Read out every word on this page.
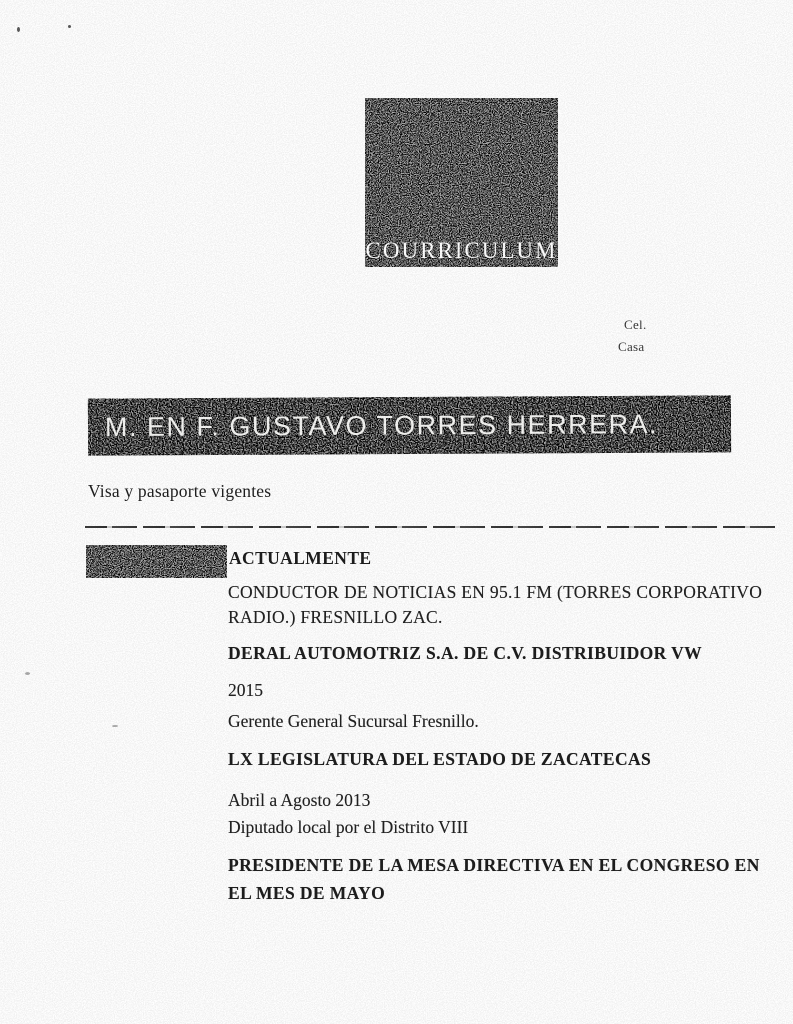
COURRICULUM
Cel.
Casa
M. EN F. GUSTAVO TORRES HERRERA.
Visa y pasaporte vigentes
ACTUALMENTE
CONDUCTOR DE NOTICIAS EN 95.1 FM (TORRES CORPORATIVO
RADIO.) FRESNILLO ZAC.
DERAL AUTOMOTRIZ S.A. DE C.V. DISTRIBUIDOR VW
2015
Gerente General Sucursal Fresnillo.
LX LEGISLATURA DEL ESTADO DE ZACATECAS
Abril a Agosto 2013
Diputado local por el Distrito VIII
PRESIDENTE DE LA MESA DIRECTIVA EN EL CONGRESO EN
EL MES DE MAYO
